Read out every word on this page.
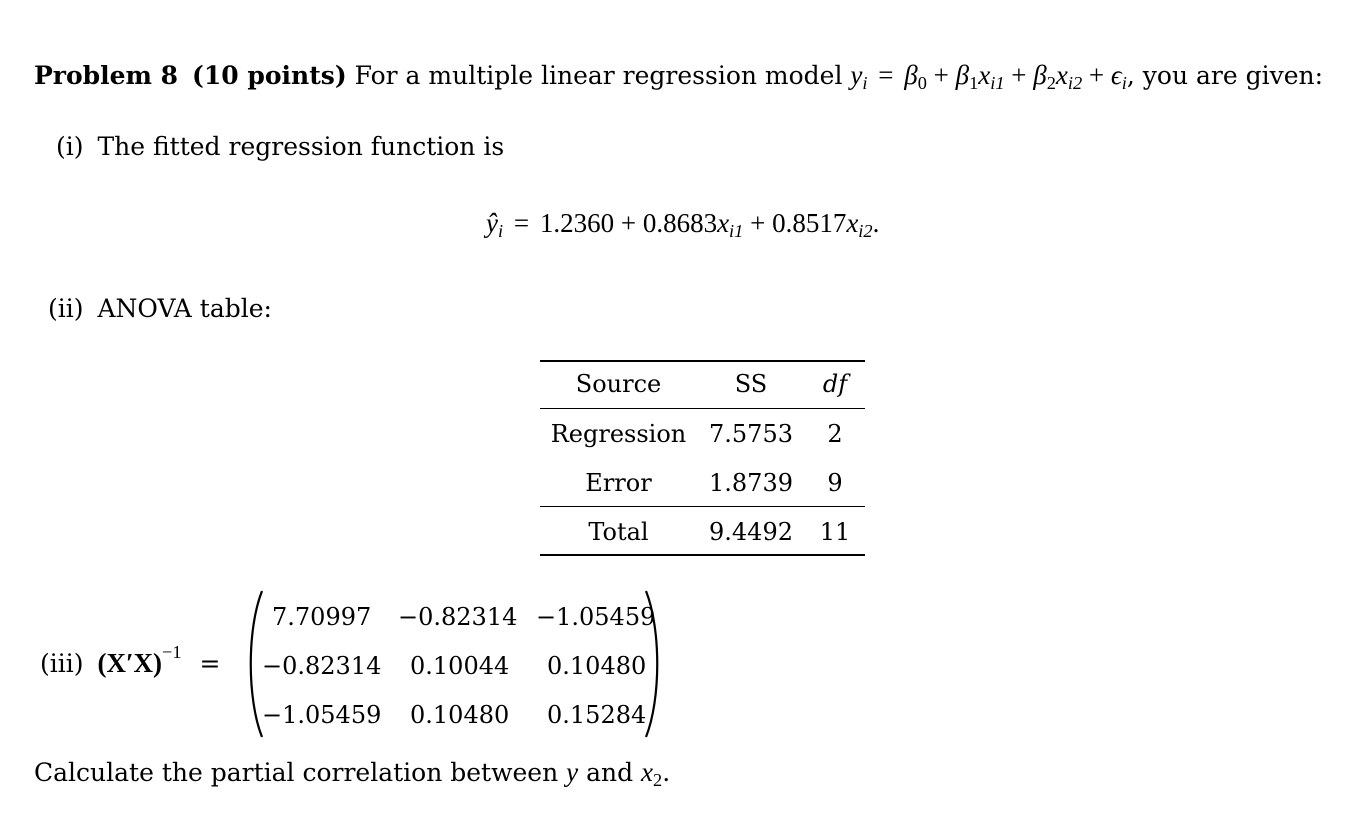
Problem 8 (10 points) For a multiple linear regression model $y_i = \beta_0 + \beta_1x_{i1} + \beta_2x_{i2} + \epsilon_i$, you are given:
(i) The fitted regression function is
$ŷ_i = 1.2360 + 0.8683x_{i1} + 0.8517x_{i2}$.
(ii) ANOVA table:
Source	SS	df
Regression 7.5753	2
Error	1.8739	9
Total	9.4492	11
(iii) $(X'X)^{-1}$ =
7.70997 −0.82314 −1.05459
−0.82314 0.10044 0.10480
−1.05459 0.10480 0.15284
Calculate the partial correlation between y and $x_2$.
